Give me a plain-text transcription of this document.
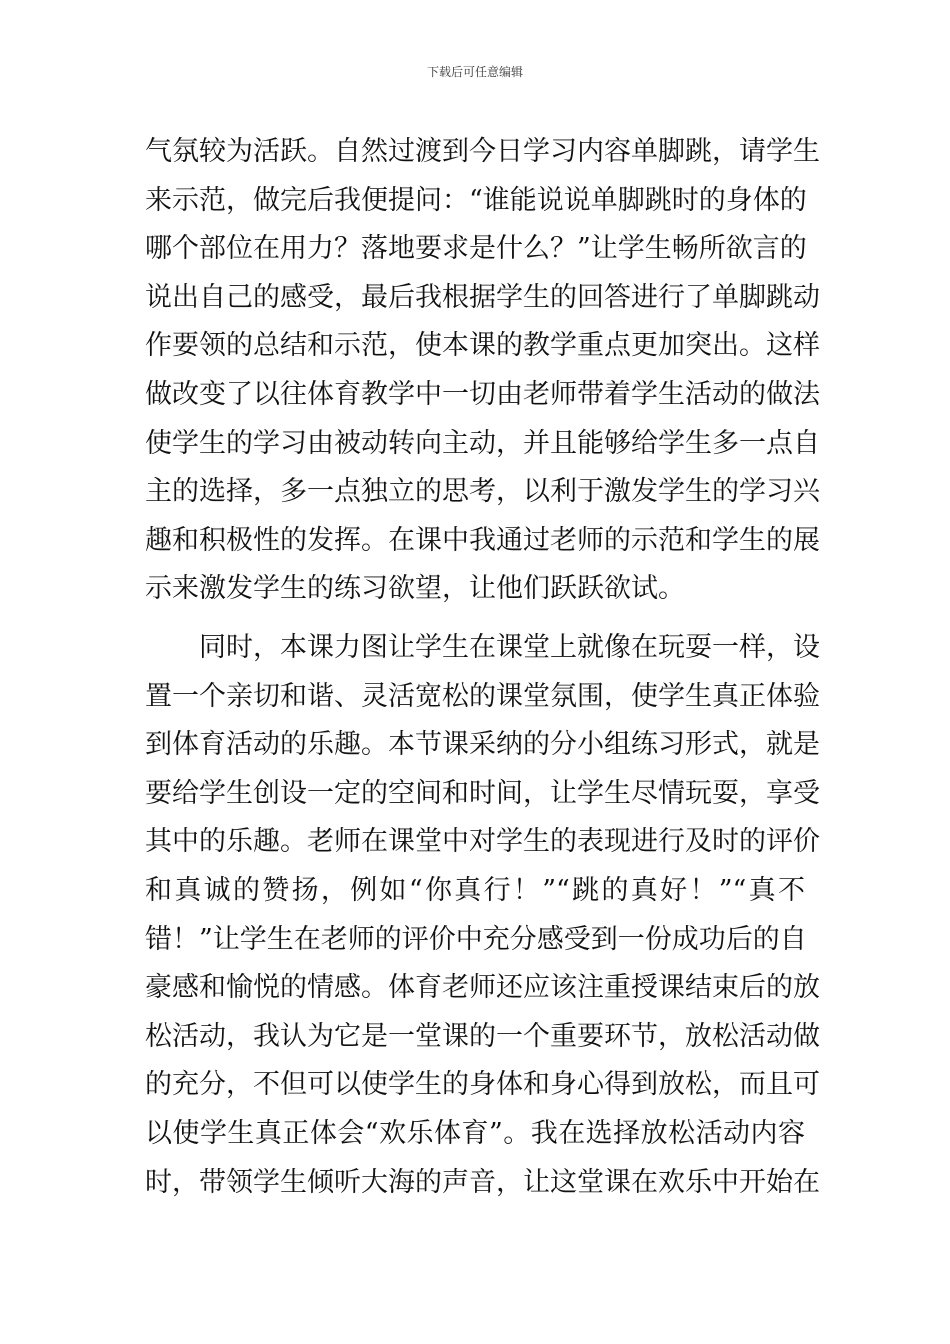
下载后可任意编辑
气氛较为活跃。自然过渡到今日学习内容单脚跳，请学生
来示范，做完后我便提问：“谁能说说单脚跳时的身体的
哪个部位在用力？落地要求是什么？”让学生畅所欲言的
说出自己的感受，最后我根据学生的回答进行了单脚跳动
作要领的总结和示范，使本课的教学重点更加突出。这样
做改变了以往体育教学中一切由老师带着学生活动的做法
使学生的学习由被动转向主动，并且能够给学生多一点自
主的选择，多一点独立的思考，以利于激发学生的学习兴
趣和积极性的发挥。在课中我通过老师的示范和学生的展
示来激发学生的练习欲望，让他们跃跃欲试。
　　同时，本课力图让学生在课堂上就像在玩耍一样，设
置一个亲切和谐、灵活宽松的课堂氛围，使学生真正体验
到体育活动的乐趣。本节课采纳的分小组练习形式，就是
要给学生创设一定的空间和时间，让学生尽情玩耍，享受
其中的乐趣。老师在课堂中对学生的表现进行及时的评价
和真诚的赞扬，例如“你真行！”“跳的真好！”“真不
错！”让学生在老师的评价中充分感受到一份成功后的自
豪感和愉悦的情感。体育老师还应该注重授课结束后的放
松活动，我认为它是一堂课的一个重要环节，放松活动做
的充分，不但可以使学生的身体和身心得到放松，而且可
以使学生真正体会“欢乐体育”。我在选择放松活动内容
时，带领学生倾听大海的声音，让这堂课在欢乐中开始在
